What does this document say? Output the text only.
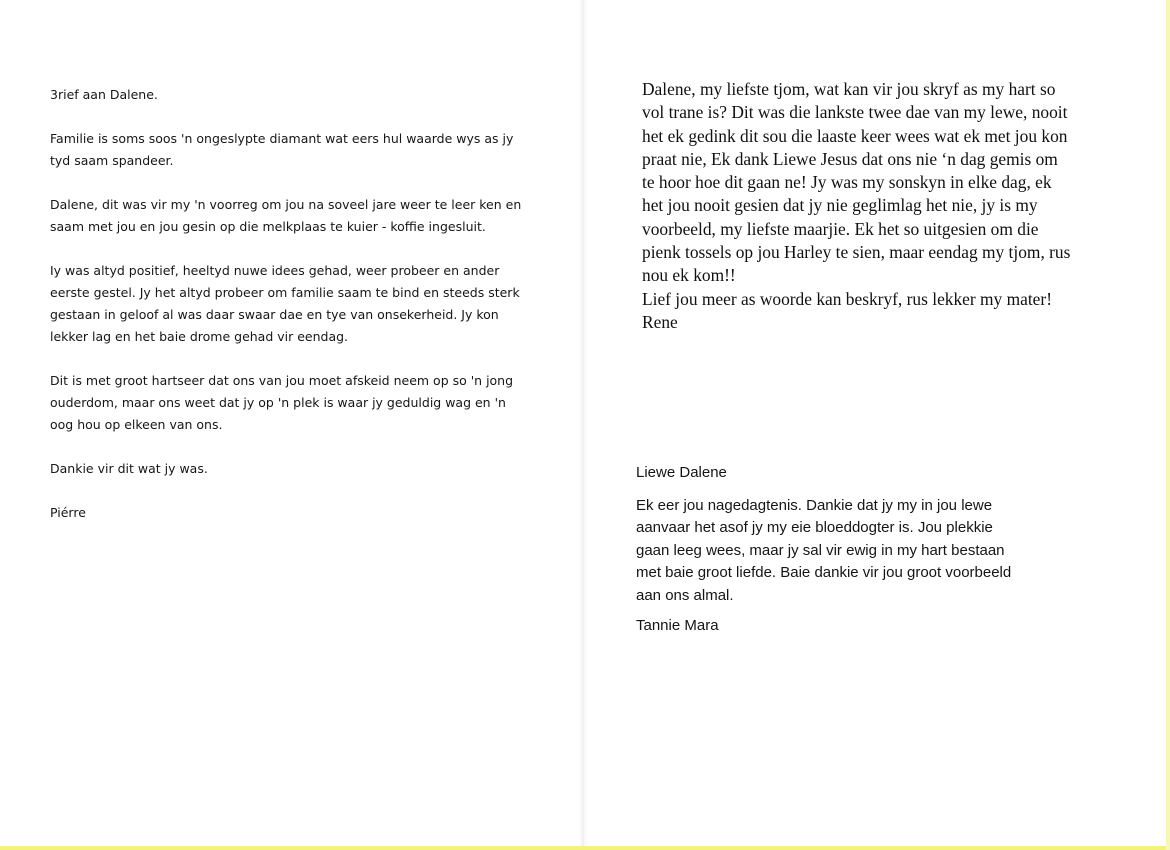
3rief aan Dalene.
Familie is soms soos 'n ongeslypte diamant wat eers hul waarde wys as jy
tyd saam spandeer.
Dalene, dit was vir my 'n voorreg om jou na soveel jare weer te leer ken en
saam met jou en jou gesin op die melkplaas te kuier - koffie ingesluit.
Iy was altyd positief, heeltyd nuwe idees gehad, weer probeer en ander
eerste gestel. Jy het altyd probeer om familie saam te bind en steeds sterk
gestaan in geloof al was daar swaar dae en tye van onsekerheid. Jy kon
lekker lag en het baie drome gehad vir eendag.
Dit is met groot hartseer dat ons van jou moet afskeid neem op so 'n jong
ouderdom, maar ons weet dat jy op 'n plek is waar jy geduldig wag en 'n
oog hou op elkeen van ons.
Dankie vir dit wat jy was.
Piérre
Dalene, my liefste tjom, wat kan vir jou skryf as my hart so
vol trane is? Dit was die lankste twee dae van my lewe, nooit
het ek gedink dit sou die laaste keer wees wat ek met jou kon
praat nie, Ek dank Liewe Jesus dat ons nie ‘n dag gemis om
te hoor hoe dit gaan ne! Jy was my sonskyn in elke dag, ek
het jou nooit gesien dat jy nie geglimlag het nie, jy is my
voorbeeld, my liefste maarjie. Ek het so uitgesien om die
pienk tossels op jou Harley te sien, maar eendag my tjom, rus
nou ek kom!!
Lief jou meer as woorde kan beskryf, rus lekker my mater!
Rene
Liewe Dalene
Ek eer jou nagedagtenis. Dankie dat jy my in jou lewe
aanvaar het asof jy my eie bloeddogter is. Jou plekkie
gaan leeg wees, maar jy sal vir ewig in my hart bestaan
met baie groot liefde. Baie dankie vir jou groot voorbeeld
aan ons almal.
Tannie Mara
